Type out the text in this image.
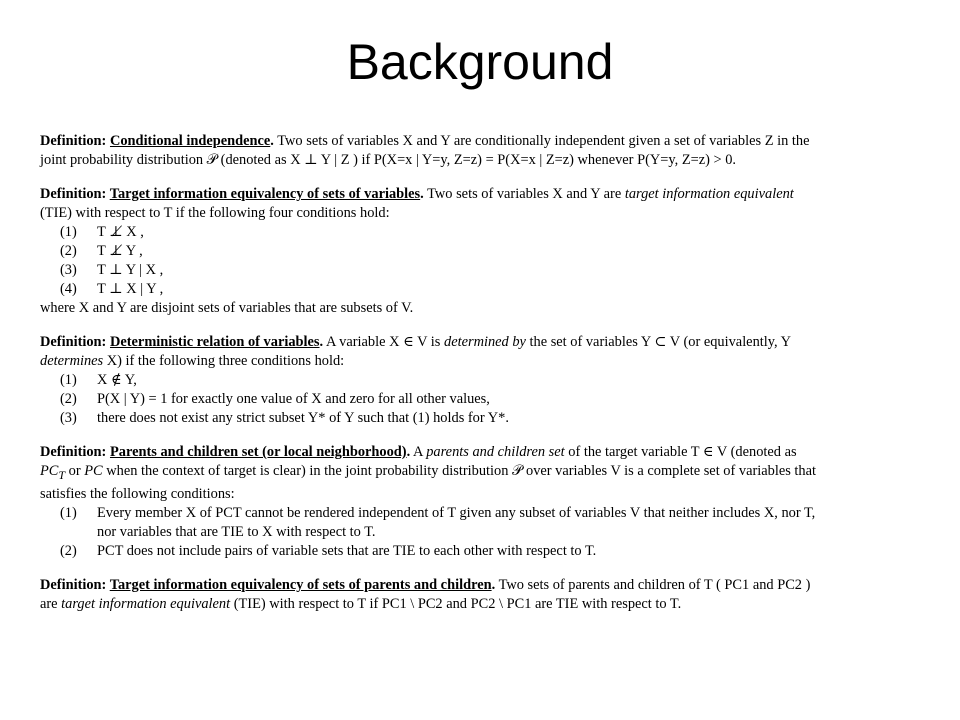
Background

Definition: Conditional independence. Two sets of variables X and Y are conditionally independent given a set of variables Z in the

joint probability distribution 𝒫 (denoted as X ⊥ Y | Z ) if P(X=x | Y=y, Z=z) = P(X=x | Z=z) whenever P(Y=y, Z=z) > 0.

Definition: Target information equivalency of sets of variables. Two sets of variables X and Y are target information equivalent

(TIE) with respect to T if the following four conditions hold:

(1)	T ⊥̸ X ,
(2)	T ⊥̸ Y ,
(3)	T ⊥ Y | X ,
(4)	T ⊥ X | Y ,

where X and Y are disjoint sets of variables that are subsets of V.

Definition: Deterministic relation of variables. A variable X ∈ V is determined by the set of variables Y ⊂ V (or equivalently, Y

determines X) if the following three conditions hold:

(1)	X ∉ Y,
(2)	P(X | Y) = 1 for exactly one value of X and zero for all other values,
(3)	there does not exist any strict subset Y* of Y such that (1) holds for Y*.

Definition: Parents and children set (or local neighborhood). A parents and children set of the target variable T ∈ V (denoted as

$PC_T$ or PC when the context of target is clear) in the joint probability distribution 𝒫 over variables V is a complete set of variables that

satisfies the following conditions:

(1)	Every member X of PCT cannot be rendered independent of T given any subset of variables V that neither includes X, nor T,
nor variables that are TIE to X with respect to T.
(2)	PCT does not include pairs of variable sets that are TIE to each other with respect to T.

Definition: Target information equivalency of sets of parents and children. Two sets of parents and children of T ( PC1 and PC2 )

are target information equivalent (TIE) with respect to T if PC1 \ PC2 and PC2 \ PC1 are TIE with respect to T.
